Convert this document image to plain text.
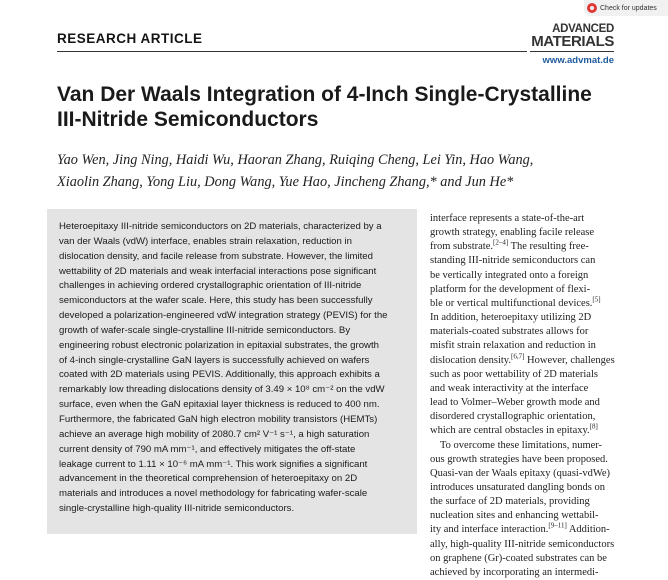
Check for updates
RESEARCH ARTICLE
ADVANCED
MATERIALS
www.advmat.de
Van Der Waals Integration of 4-Inch Single-Crystalline
III-Nitride Semiconductors
Yao Wen, Jing Ning, Haidi Wu, Haoran Zhang, Ruiqing Cheng, Lei Yin, Hao Wang,
Xiaolin Zhang, Yong Liu, Dong Wang, Yue Hao, Jincheng Zhang,* and Jun He*

Heteroepitaxy III-nitride semiconductors on 2D materials, characterized by a
van der Waals (vdW) interface, enables strain relaxation, reduction in
dislocation density, and facile release from substrate. However, the limited
wettability of 2D materials and weak interfacial interactions pose significant
challenges in achieving ordered crystallographic orientation of III-nitride
semiconductors at the wafer scale. Here, this study has been successfully
developed a polarization-engineered vdW integration strategy (PEVIS) for the
growth of wafer-scale single-crystalline III-nitride semiconductors. By
engineering robust electronic polarization in epitaxial substrates, the growth
of 4-inch single-crystalline GaN layers is successfully achieved on wafers
coated with 2D materials using PEVIS. Additionally, this approach exhibits a
remarkably low threading dislocations density of 3.49 × 10⁸ cm⁻² on the vdW
surface, even when the GaN epitaxial layer thickness is reduced to 400 nm.
Furthermore, the fabricated GaN high electron mobility transistors (HEMTs)
achieve an average high mobility of 2080.7 cm² V⁻¹ s⁻¹, a high saturation
current density of 790 mA mm⁻¹, and effectively mitigates the off-state
leakage current to 1.11 × 10⁻⁶ mA mm⁻¹. This work signifies a significant
advancement in the theoretical comprehension of heteroepitaxy on 2D
materials and introduces a novel methodology for fabricating wafer-scale
single-crystalline high-quality III-nitride semiconductors.

interface represents a state-of-the-art
growth strategy, enabling facile release
from substrate.[2–4] The resulting free-
standing III-nitride semiconductors can
be vertically integrated onto a foreign
platform for the development of flexi-
ble or vertical multifunctional devices.[5]
In addition, heteroepitaxy utilizing 2D
materials-coated substrates allows for
misfit strain relaxation and reduction in
dislocation density.[6,7] However, challenges
such as poor wettability of 2D materials
and weak interactivity at the interface
lead to Volmer–Weber growth mode and
disordered crystallographic orientation,
which are central obstacles in epitaxy.[8]
To overcome these limitations, numer-
ous growth strategies have been proposed.
Quasi-van der Waals epitaxy (quasi-vdWe)
introduces unsaturated dangling bonds on
the surface of 2D materials, providing
nucleation sites and enhancing wettabil-
ity and interface interaction.[9–11] Addition-
ally, high-quality III-nitride semiconductors
on graphene (Gr)-coated substrates can be
achieved by incorporating an intermedi-
